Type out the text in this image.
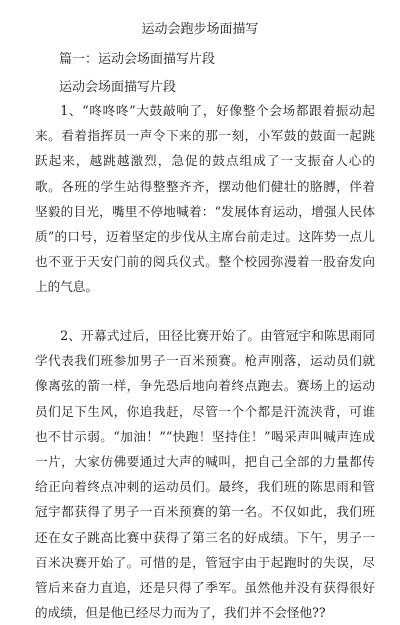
运动会跑步场面描写
篇一：运动会场面描写片段
运动会场面描写片段

1、“咚咚咚”大鼓敲响了，好像整个会场都跟着振动起来。看着指挥员一声令下来的那一刻，小军鼓的鼓面一起跳跃起来，越跳越激烈，急促的鼓点组成了一支振奋人心的歌。各班的学生站得整整齐齐，摆动他们健壮的胳膊，伴着坚毅的目光，嘴里不停地喊着：“发展体育运动，增强人民体质”的口号，迈着坚定的步伐从主席台前走过。这阵势一点儿也不亚于天安门前的阅兵仪式。整个校园弥漫着一股奋发向上的气息。

2、开幕式过后，田径比赛开始了。由管冠宇和陈思雨同学代表我们班参加男子一百米预赛。枪声刚落，运动员们就像离弦的箭一样，争先恐后地向着终点跑去。赛场上的运动员们足下生风，你追我赶，尽管一个个都是汗流浃背，可谁也不甘示弱。“加油！”“快跑！坚持住！”喝采声叫喊声连成一片，大家仿佛要通过大声的喊叫，把自己全部的力量都传给正向着终点冲刺的运动员们。最终，我们班的陈思雨和管冠宇都获得了男子一百米预赛的第一名。不仅如此，我们班还在女子跳高比赛中获得了第三名的好成绩。下午，男子一百米决赛开始了。可惜的是，管冠宇由于起跑时的失误，尽管后来奋力直追，还是只得了季军。虽然他并没有获得很好的成绩，但是他已经尽力而为了，我们并不会怪他??
